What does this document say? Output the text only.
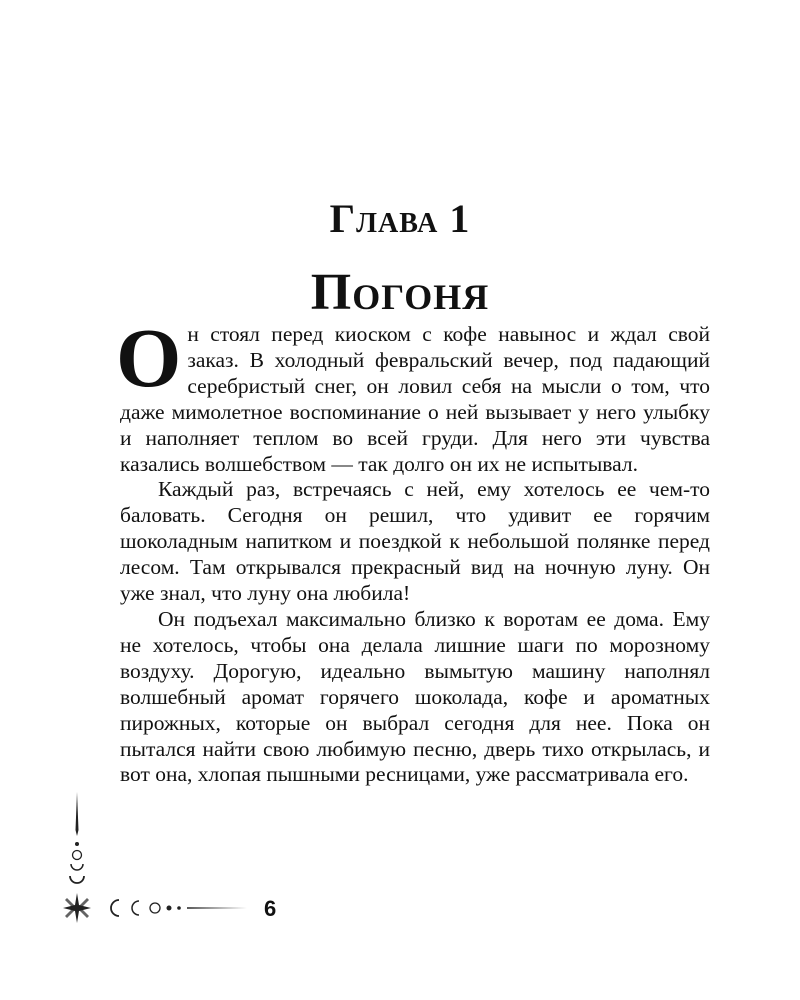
Глава 1
Погоня

Он стоял перед киоском с кофе навынос и ждал свой заказ. В холодный февральский вечер, под падающий серебристый снег, он ловил себя на мысли о том, что даже мимолетное воспоминание о ней вызывает у него улыбку и наполняет теплом во всей груди. Для него эти чувства казались волшебством — так долго он их не испытывал.

Каждый раз, встречаясь с ней, ему хотелось ее чем-то баловать. Сегодня он решил, что удивит ее горячим шоколадным напитком и поездкой к небольшой полянке перед лесом. Там открывался прекрасный вид на ночную луну. Он уже знал, что луну она любила!

Он подъехал максимально близко к воротам ее дома. Ему не хотелось, чтобы она делала лишние шаги по морозному воздуху. Дорогую, идеально вымытую машину наполнял волшебный аромат горячего шоколада, кофе и ароматных пирожных, которые он выбрал сегодня для нее. Пока он пытался найти свою любимую песню, дверь тихо открылась, и вот она, хлопая пышными ресницами, уже рассматривала его.

6
